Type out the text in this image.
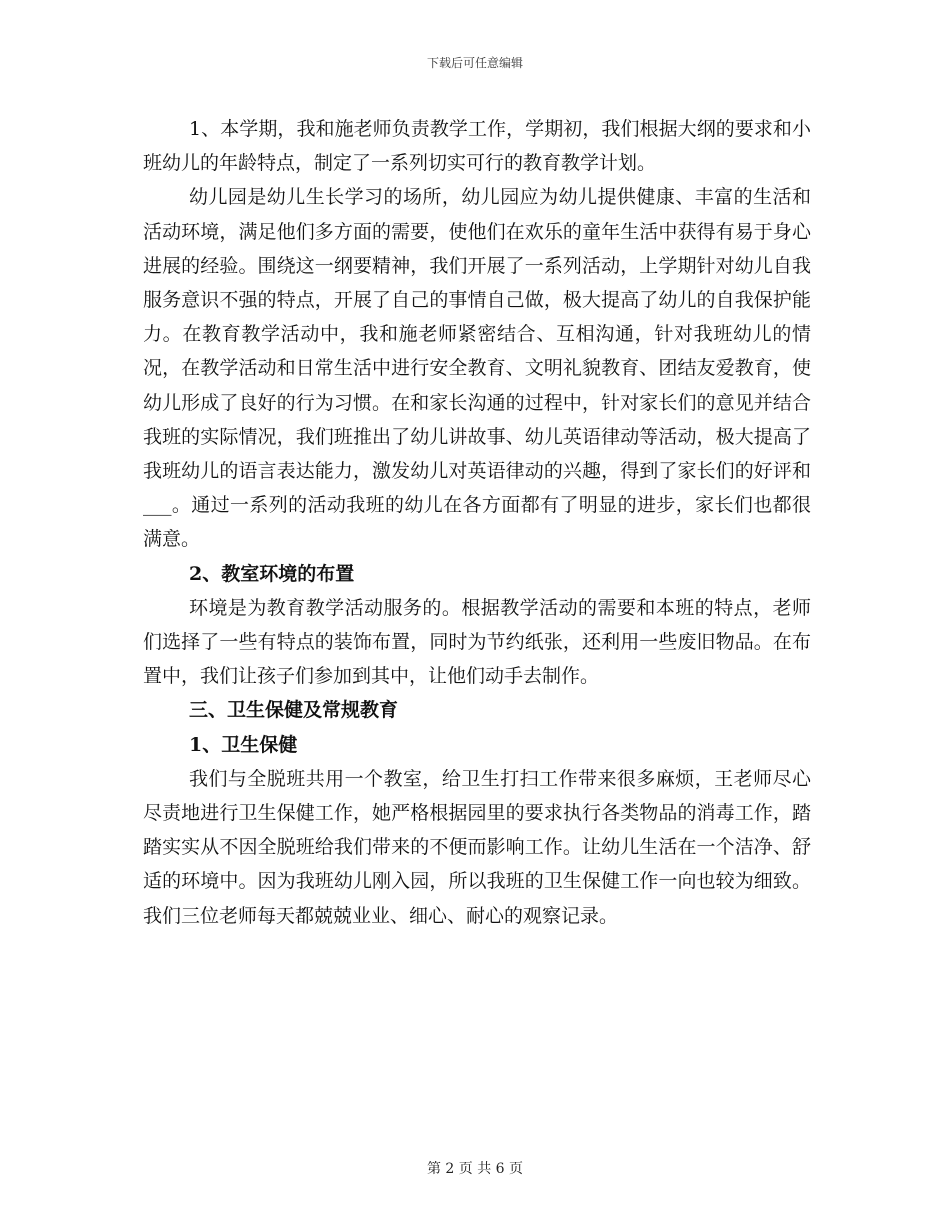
下载后可任意编辑

1、本学期，我和施老师负责教学工作，学期初，我们根据大纲的要求和小班幼儿的年龄特点，制定了一系列切实可行的教育教学计划。

幼儿园是幼儿生长学习的场所，幼儿园应为幼儿提供健康、丰富的生活和活动环境，满足他们多方面的需要，使他们在欢乐的童年生活中获得有易于身心进展的经验。围绕这一纲要精神，我们开展了一系列活动，上学期针对幼儿自我服务意识不强的特点，开展了自己的事情自己做，极大提高了幼儿的自我保护能力。在教育教学活动中，我和施老师紧密结合、互相沟通，针对我班幼儿的情况，在教学活动和日常生活中进行安全教育、文明礼貌教育、团结友爱教育，使幼儿形成了良好的行为习惯。在和家长沟通的过程中，针对家长们的意见并结合我班的实际情况，我们班推出了幼儿讲故事、幼儿英语律动等活动，极大提高了我班幼儿的语言表达能力，激发幼儿对英语律动的兴趣，得到了家长们的好评和___。通过一系列的活动我班的幼儿在各方面都有了明显的进步，家长们也都很满意。

2、教室环境的布置

环境是为教育教学活动服务的。根据教学活动的需要和本班的特点，老师们选择了一些有特点的装饰布置，同时为节约纸张，还利用一些废旧物品。在布置中，我们让孩子们参加到其中，让他们动手去制作。

三、卫生保健及常规教育

1、卫生保健

我们与全脱班共用一个教室，给卫生打扫工作带来很多麻烦，王老师尽心尽责地进行卫生保健工作，她严格根据园里的要求执行各类物品的消毒工作，踏踏实实从不因全脱班给我们带来的不便而影响工作。让幼儿生活在一个洁净、舒适的环境中。因为我班幼儿刚入园，所以我班的卫生保健工作一向也较为细致。我们三位老师每天都兢兢业业、细心、耐心的观察记录。

第 2 页 共 6 页
